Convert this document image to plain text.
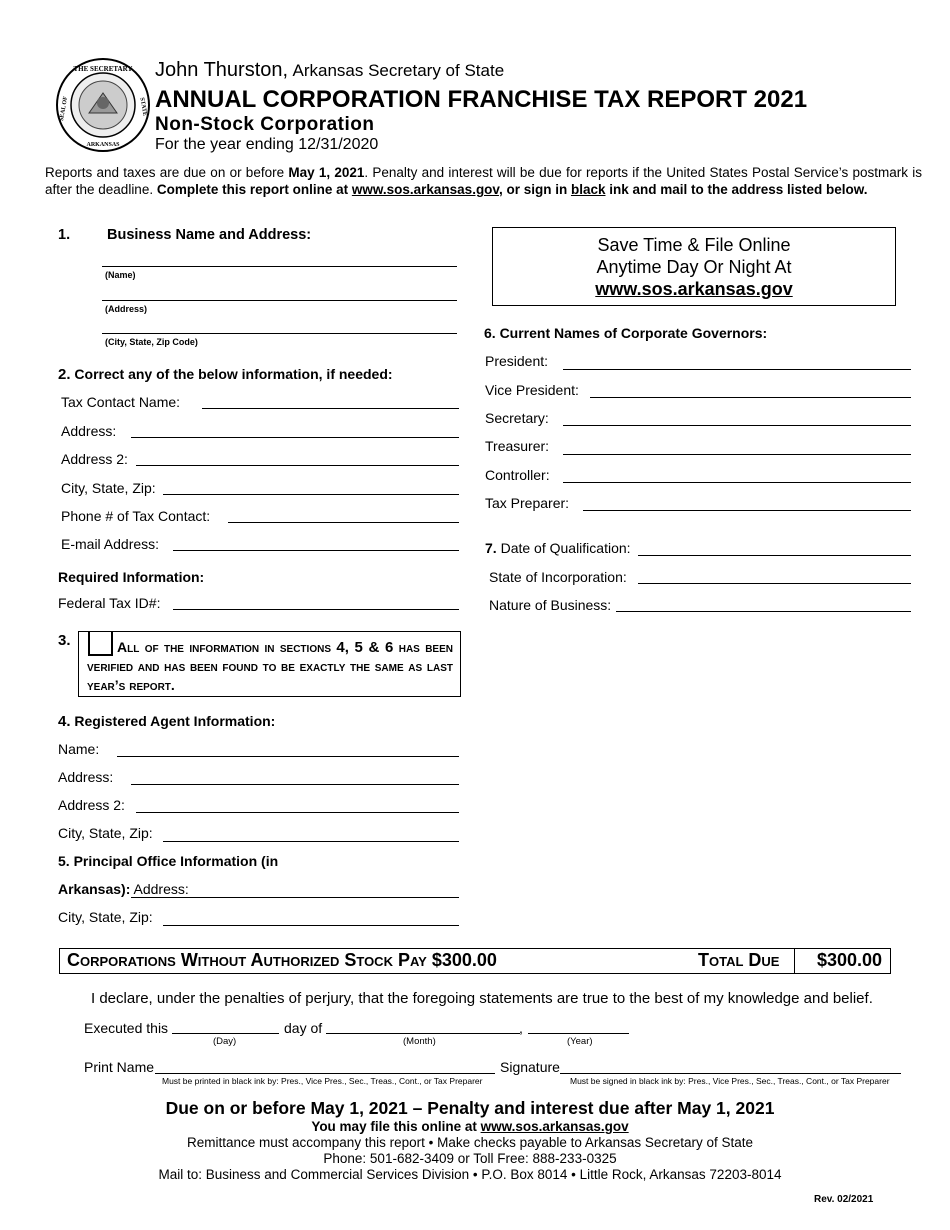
THE SECRETARY
SEAL OF	STATE
ARKANSAS
John Thurston, Arkansas Secretary of State
ANNUAL CORPORATION FRANCHISE TAX REPORT 2021
Non-Stock Corporation
For the year ending 12/31/2020
Reports and taxes are due on or before May 1, 2021. Penalty and interest will be due for reports if the United States Postal Service’s postmark is after the deadline. Complete this report online at www.sos.arkansas.gov, or sign in black ink and mail to the address listed below.
1.	Business Name and Address:
(Name)
(Address)
(City, State, Zip Code)
Save Time & File Online
Anytime Day Or Night At
www.sos.arkansas.gov
2. Correct any of the below information, if needed:
Tax Contact Name:
Address:
Address 2:
City, State, Zip:
Phone # of Tax Contact:
E-mail Address:
Required Information:
Federal Tax ID#:
6. Current Names of Corporate Governors:
President:
Vice President:
Secretary:
Treasurer:
Controller:
Tax Preparer:
7. Date of Qualification:
State of Incorporation:
Nature of Business:
3.	All of the information in sections 4, 5 & 6 has been verified and has been found to be exactly the same as last year’s report.
4. Registered Agent Information:
Name:
Address:
Address 2:
City, State, Zip:
5. Principal Office Information (in
Arkansas): Address:
City, State, Zip:
Corporations Without Authorized Stock Pay $300.00	Total Due $300.00
I declare, under the penalties of perjury, that the foregoing statements are true to the best of my knowledge and belief.
Executed this	day of	,
(Day)	(Month)	(Year)
Print Name	Signature
Must be printed in black ink by: Pres., Vice Pres., Sec., Treas., Cont., or Tax Preparer	Must be signed in black ink by: Pres., Vice Pres., Sec., Treas., Cont., or Tax Preparer
Due on or before May 1, 2021 – Penalty and interest due after May 1, 2021
You may file this online at www.sos.arkansas.gov
Remittance must accompany this report • Make checks payable to Arkansas Secretary of State
Phone: 501-682-3409 or Toll Free: 888-233-0325
Mail to: Business and Commercial Services Division • P.O. Box 8014 • Little Rock, Arkansas 72203-8014
Rev. 02/2021
